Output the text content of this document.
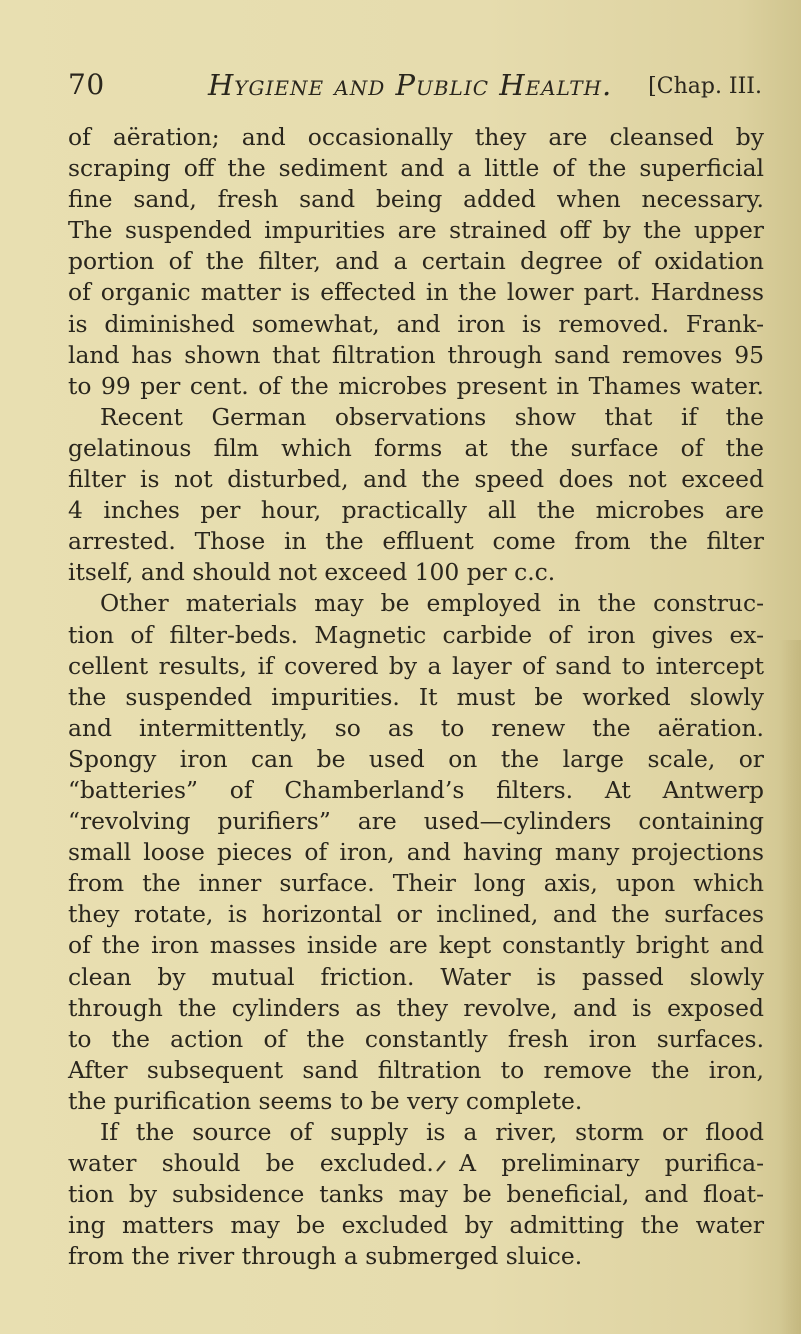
70	Hygiene and Public Health. [Chap. III.
of aëration; and occasionally they are cleansed by
scraping off the sediment and a little of the superficial
fine sand, fresh sand being added when necessary.
The suspended impurities are strained off by the upper
portion of the filter, and a certain degree of oxidation
of organic matter is effected in the lower part. Hardness
is diminished somewhat, and iron is removed. Frank-
land has shown that filtration through sand removes 95
to 99 per cent. of the microbes present in Thames water.
Recent German observations show that if the
gelatinous film which forms at the surface of the
filter is not disturbed, and the speed does not exceed
4 inches per hour, practically all the microbes are
arrested. Those in the effluent come from the filter
itself, and should not exceed 100 per c.c.
Other materials may be employed in the construc-
tion of filter-beds. Magnetic carbide of iron gives ex-
cellent results, if covered by a layer of sand to intercept
the suspended impurities. It must be worked slowly
and intermittently, so as to renew the aëration.
Spongy iron can be used on the large scale, or
“batteries” of Chamberland’s filters. At Antwerp
“revolving purifiers” are used—cylinders containing
small loose pieces of iron, and having many projections
from the inner surface. Their long axis, upon which
they rotate, is horizontal or inclined, and the surfaces
of the iron masses inside are kept constantly bright and
clean by mutual friction. Water is passed slowly
through the cylinders as they revolve, and is exposed
to the action of the constantly fresh iron surfaces.
After subsequent sand filtration to remove the iron,
the purification seems to be very complete.
If the source of supply is a river, storm or flood
water should be excluded. A preliminary purifica-
tion by subsidence tanks may be beneficial, and float-
ing matters may be excluded by admitting the water
from the river through a submerged sluice.
